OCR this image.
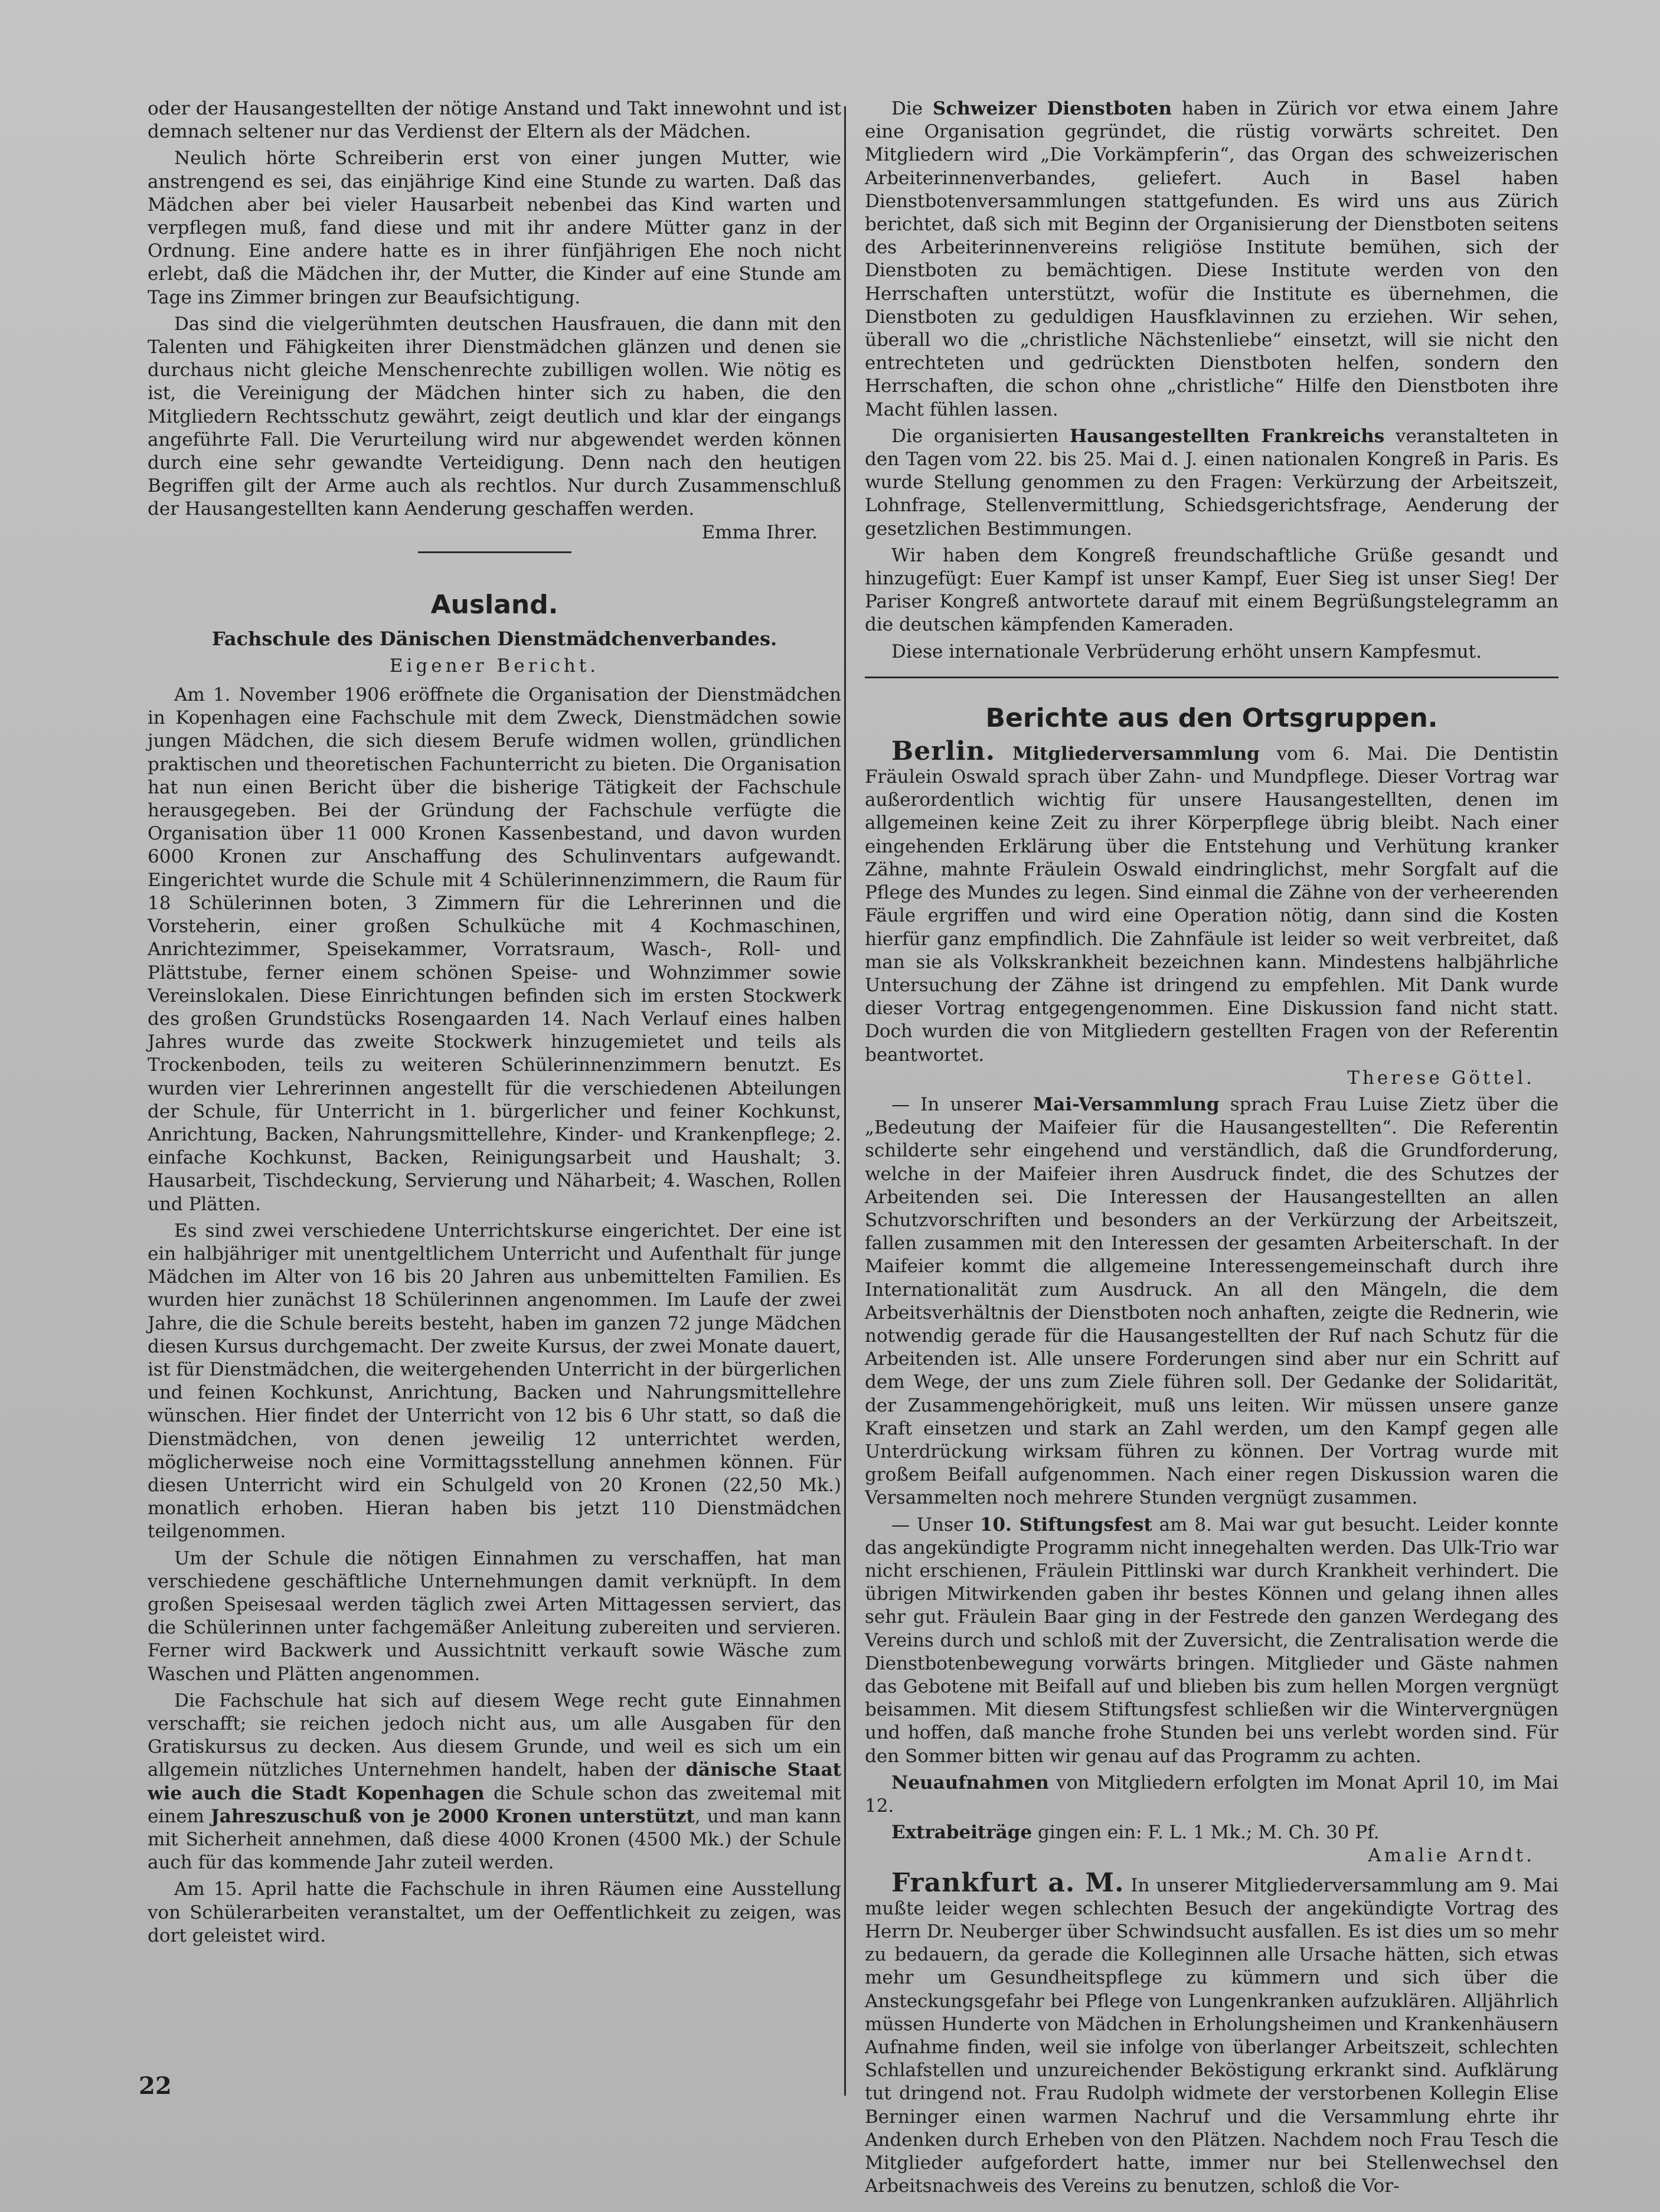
oder der Hausangestellten der nötige Anstand und Takt innewohnt und ist demnach seltener nur das Verdienst der Eltern als der Mädchen.

Neulich hörte Schreiberin erst von einer jungen Mutter, wie anstrengend es sei, das einjährige Kind eine Stunde zu warten. Daß das Mädchen aber bei vieler Hausarbeit nebenbei das Kind warten und verpflegen muß, fand diese und mit ihr andere Mütter ganz in der Ordnung. Eine andere hatte es in ihrer fünfjährigen Ehe noch nicht erlebt, daß die Mädchen ihr, der Mutter, die Kinder auf eine Stunde am Tage ins Zimmer bringen zur Beaufsichtigung.

Das sind die vielgerühmten deutschen Hausfrauen, die dann mit den Talenten und Fähigkeiten ihrer Dienstmädchen glänzen und denen sie durchaus nicht gleiche Menschenrechte zubilligen wollen. Wie nötig es ist, die Vereinigung der Mädchen hinter sich zu haben, die den Mitgliedern Rechtsschutz gewährt, zeigt deutlich und klar der eingangs angeführte Fall. Die Verurteilung wird nur abgewendet werden können durch eine sehr gewandte Verteidigung. Denn nach den heutigen Begriffen gilt der Arme auch als rechtlos. Nur durch Zusammenschluß der Hausangestellten kann Aenderung geschaffen werden.
Emma Ihrer.

Ausland.
Fachschule des Dänischen Dienstmädchenverbandes.
Eigener Bericht.

Am 1. November 1906 eröffnete die Organisation der Dienstmädchen in Kopenhagen eine Fachschule mit dem Zweck, Dienstmädchen sowie jungen Mädchen, die sich diesem Berufe widmen wollen, gründlichen praktischen und theoretischen Fachunterricht zu bieten. Die Organisation hat nun einen Bericht über die bisherige Tätigkeit der Fachschule herausgegeben. Bei der Gründung der Fachschule verfügte die Organisation über 11 000 Kronen Kassenbestand, und davon wurden 6000 Kronen zur Anschaffung des Schulinventars aufgewandt. Eingerichtet wurde die Schule mit 4 Schülerinnenzimmern, die Raum für 18 Schülerinnen boten, 3 Zimmern für die Lehrerinnen und die Vorsteherin, einer großen Schulküche mit 4 Kochmaschinen, Anrichtezimmer, Speisekammer, Vorratsraum, Wasch-, Roll- und Plättstube, ferner einem schönen Speise- und Wohnzimmer sowie Vereinslokalen. Diese Einrichtungen befinden sich im ersten Stockwerk des großen Grundstücks Rosengaarden 14. Nach Verlauf eines halben Jahres wurde das zweite Stockwerk hinzugemietet und teils als Trockenboden, teils zu weiteren Schülerinnenzimmern benutzt. Es wurden vier Lehrerinnen angestellt für die verschiedenen Abteilungen der Schule, für Unterricht in 1. bürgerlicher und feiner Kochkunst, Anrichtung, Backen, Nahrungsmittellehre, Kinder- und Krankenpflege; 2. einfache Kochkunst, Backen, Reinigungsarbeit und Haushalt; 3. Hausarbeit, Tischdeckung, Servierung und Näharbeit; 4. Waschen, Rollen und Plätten.

Es sind zwei verschiedene Unterrichtskurse eingerichtet. Der eine ist ein halbjähriger mit unentgeltlichem Unterricht und Aufenthalt für junge Mädchen im Alter von 16 bis 20 Jahren aus unbemittelten Familien. Es wurden hier zunächst 18 Schülerinnen angenommen. Im Laufe der zwei Jahre, die die Schule bereits besteht, haben im ganzen 72 junge Mädchen diesen Kursus durchgemacht. Der zweite Kursus, der zwei Monate dauert, ist für Dienstmädchen, die weitergehenden Unterricht in der bürgerlichen und feinen Kochkunst, Anrichtung, Backen und Nahrungsmittellehre wünschen. Hier findet der Unterricht von 12 bis 6 Uhr statt, so daß die Dienstmädchen, von denen jeweilig 12 unterrichtet werden, möglicherweise noch eine Vormittagsstellung annehmen können. Für diesen Unterricht wird ein Schulgeld von 20 Kronen (22,50 Mk.) monatlich erhoben. Hieran haben bis jetzt 110 Dienstmädchen teilgenommen.

Um der Schule die nötigen Einnahmen zu verschaffen, hat man verschiedene geschäftliche Unternehmungen damit verknüpft. In dem großen Speisesaal werden täglich zwei Arten Mittagessen serviert, das die Schülerinnen unter fachgemäßer Anleitung zubereiten und servieren. Ferner wird Backwerk und Aussichtnitt verkauft sowie Wäsche zum Waschen und Plätten angenommen.

Die Fachschule hat sich auf diesem Wege recht gute Einnahmen verschafft; sie reichen jedoch nicht aus, um alle Ausgaben für den Gratiskursus zu decken. Aus diesem Grunde, und weil es sich um ein allgemein nützliches Unternehmen handelt, haben der dänische Staat wie auch die Stadt Kopenhagen die Schule schon das zweitemal mit einem Jahreszuschuß von je 2000 Kronen unterstützt, und man kann mit Sicherheit annehmen, daß diese 4000 Kronen (4500 Mk.) der Schule auch für das kommende Jahr zuteil werden.

Am 15. April hatte die Fachschule in ihren Räumen eine Ausstellung von Schülerarbeiten veranstaltet, um der Oeffentlichkeit zu zeigen, was dort geleistet wird.

Die Schweizer Dienstboten haben in Zürich vor etwa einem Jahre eine Organisation gegründet, die rüstig vorwärts schreitet. Den Mitgliedern wird „Die Vorkämpferin“, das Organ des schweizerischen Arbeiterinnenverbandes, geliefert. Auch in Basel haben Dienstbotenversammlungen stattgefunden. Es wird uns aus Zürich berichtet, daß sich mit Beginn der Organisierung der Dienstboten seitens des Arbeiterinnenvereins religiöse Institute bemühen, sich der Dienstboten zu bemächtigen. Diese Institute werden von den Herrschaften unterstützt, wofür die Institute es übernehmen, die Dienstboten zu geduldigen Hausfklavinnen zu erziehen. Wir sehen, überall wo die „christliche Nächstenliebe“ einsetzt, will sie nicht den entrechteten und gedrückten Dienstboten helfen, sondern den Herrschaften, die schon ohne „christliche“ Hilfe den Dienstboten ihre Macht fühlen lassen.

Die organisierten Hausangestellten Frankreichs veranstalteten in den Tagen vom 22. bis 25. Mai d. J. einen nationalen Kongreß in Paris. Es wurde Stellung genommen zu den Fragen: Verkürzung der Arbeitszeit, Lohnfrage, Stellenvermittlung, Schiedsgerichtsfrage, Aenderung der gesetzlichen Bestimmungen.

Wir haben dem Kongreß freundschaftliche Grüße gesandt und hinzugefügt: Euer Kampf ist unser Kampf, Euer Sieg ist unser Sieg! Der Pariser Kongreß antwortete darauf mit einem Begrüßungstelegramm an die deutschen kämpfenden Kameraden.

Diese internationale Verbrüderung erhöht unsern Kampfesmut.

Berichte aus den Ortsgruppen.

Berlin. Mitgliederversammlung vom 6. Mai. Die Dentistin Fräulein Oswald sprach über Zahn- und Mundpflege. Dieser Vortrag war außerordentlich wichtig für unsere Hausangestellten, denen im allgemeinen keine Zeit zu ihrer Körperpflege übrig bleibt. Nach einer eingehenden Erklärung über die Entstehung und Verhütung kranker Zähne, mahnte Fräulein Oswald eindringlichst, mehr Sorgfalt auf die Pflege des Mundes zu legen. Sind einmal die Zähne von der verheerenden Fäule ergriffen und wird eine Operation nötig, dann sind die Kosten hierfür ganz empfindlich. Die Zahnfäule ist leider so weit verbreitet, daß man sie als Volkskrankheit bezeichnen kann. Mindestens halbjährliche Untersuchung der Zähne ist dringend zu empfehlen. Mit Dank wurde dieser Vortrag entgegengenommen. Eine Diskussion fand nicht statt. Doch wurden die von Mitgliedern gestellten Fragen von der Referentin beantwortet.
Therese Göttel.

— In unserer Mai-Versammlung sprach Frau Luise Zietz über die „Bedeutung der Maifeier für die Hausangestellten“. Die Referentin schilderte sehr eingehend und verständlich, daß die Grundforderung, welche in der Maifeier ihren Ausdruck findet, die des Schutzes der Arbeitenden sei. Die Interessen der Hausangestellten an allen Schutzvorschriften und besonders an der Verkürzung der Arbeitszeit, fallen zusammen mit den Interessen der gesamten Arbeiterschaft. In der Maifeier kommt die allgemeine Interessengemeinschaft durch ihre Internationalität zum Ausdruck. An all den Mängeln, die dem Arbeitsverhältnis der Dienstboten noch anhaften, zeigte die Rednerin, wie notwendig gerade für die Hausangestellten der Ruf nach Schutz für die Arbeitenden ist. Alle unsere Forderungen sind aber nur ein Schritt auf dem Wege, der uns zum Ziele führen soll. Der Gedanke der Solidarität, der Zusammengehörigkeit, muß uns leiten. Wir müssen unsere ganze Kraft einsetzen und stark an Zahl werden, um den Kampf gegen alle Unterdrückung wirksam führen zu können. Der Vortrag wurde mit großem Beifall aufgenommen. Nach einer regen Diskussion waren die Versammelten noch mehrere Stunden vergnügt zusammen.

— Unser 10. Stiftungsfest am 8. Mai war gut besucht. Leider konnte das angekündigte Programm nicht innegehalten werden. Das Ulk-Trio war nicht erschienen, Fräulein Pittlinski war durch Krankheit verhindert. Die übrigen Mitwirkenden gaben ihr bestes Können und gelang ihnen alles sehr gut. Fräulein Baar ging in der Festrede den ganzen Werdegang des Vereins durch und schloß mit der Zuversicht, die Zentralisation werde die Dienstbotenbewegung vorwärts bringen. Mitglieder und Gäste nahmen das Gebotene mit Beifall auf und blieben bis zum hellen Morgen vergnügt beisammen. Mit diesem Stiftungsfest schließen wir die Wintervergnügen und hoffen, daß manche frohe Stunden bei uns verlebt worden sind. Für den Sommer bitten wir genau auf das Programm zu achten.

Neuaufnahmen von Mitgliedern erfolgten im Monat April 10, im Mai 12.

Extrabeiträge gingen ein: F. L. 1 Mk.; M. Ch. 30 Pf.
Amalie Arndt.

Frankfurt a. M. In unserer Mitgliederversammlung am 9. Mai mußte leider wegen schlechten Besuch der angekündigte Vortrag des Herrn Dr. Neuberger über Schwindsucht ausfallen. Es ist dies um so mehr zu bedauern, da gerade die Kolleginnen alle Ursache hätten, sich etwas mehr um Gesundheitspflege zu kümmern und sich über die Ansteckungsgefahr bei Pflege von Lungenkranken aufzuklären. Alljährlich müssen Hunderte von Mädchen in Erholungsheimen und Krankenhäusern Aufnahme finden, weil sie infolge von überlanger Arbeitszeit, schlechten Schlafstellen und unzureichender Beköstigung erkrankt sind. Aufklärung tut dringend not. Frau Rudolph widmete der verstorbenen Kollegin Elise Berninger einen warmen Nachruf und die Versammlung ehrte ihr Andenken durch Erheben von den Plätzen. Nachdem noch Frau Tesch die Mitglieder aufgefordert hatte, immer nur bei Stellenwechsel den Arbeitsnachweis des Vereins zu benutzen, schloß die Vor-

22
